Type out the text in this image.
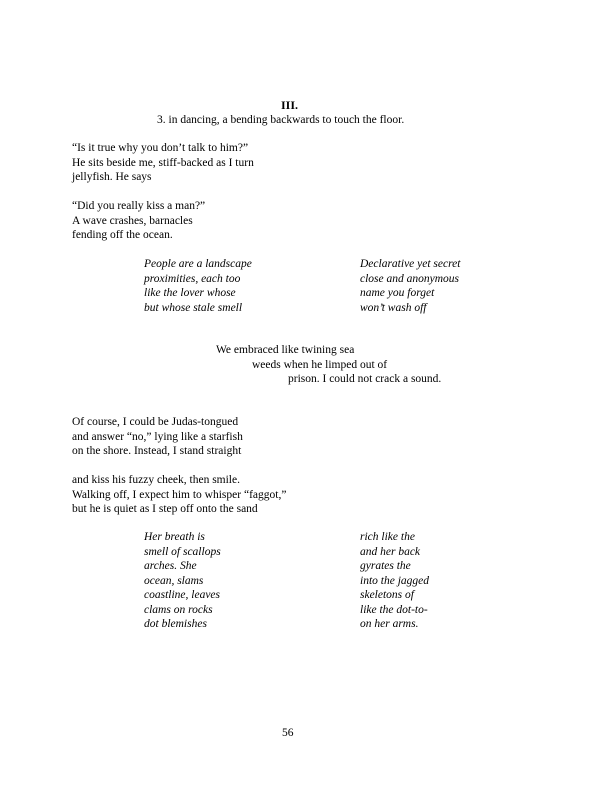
III.
3. in dancing, a bending backwards to touch the floor.
“Is it true why you don’t talk to him?”
He sits beside me, stiff-backed as I turn
jellyfish. He says
“Did you really kiss a man?”
A wave crashes, barnacles
fending off the ocean.
People are a landscape
proximities, each too
like the lover whose
but whose stale smell
Declarative yet secret
close and anonymous
name you forget
won’t wash off
We embraced like twining sea
weeds when he limped out of
prison. I could not crack a sound.
Of course, I could be Judas-tongued
and answer “no,” lying like a starfish
on the shore. Instead, I stand straight
and kiss his fuzzy cheek, then smile.
Walking off, I expect him to whisper “faggot,”
but he is quiet as I step off onto the sand
Her breath is
smell of scallops
arches. She
ocean, slams
coastline, leaves
clams on rocks
dot blemishes
rich like the
and her back
gyrates the
into the jagged
skeletons of
like the dot-to-
on her arms.
56
